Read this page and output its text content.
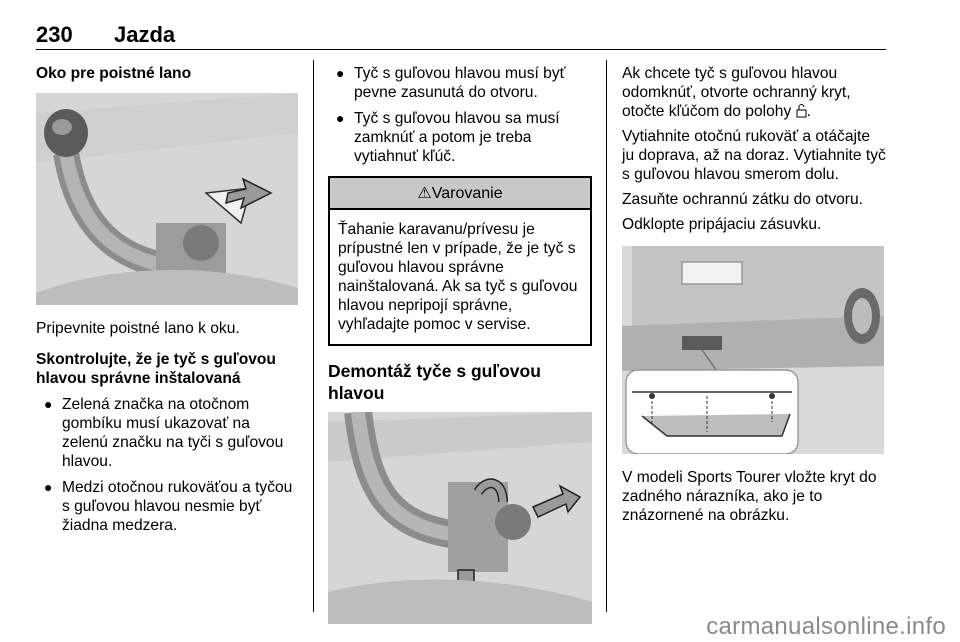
230 Jazda
Oko pre poistné lano
Pripevnite poistné lano k oku.
Skontrolujte, že je tyč s guľovou hlavou správne inštalovaná
● Zelená značka na otočnom gombíku musí ukazovať na zelenú značku na tyči s guľovou hlavou.
● Medzi otočnou rukoväťou a tyčou s guľovou hlavou nesmie byť žiadna medzera.
● Tyč s guľovou hlavou musí byť pevne zasunutá do otvoru.
● Tyč s guľovou hlavou sa musí zamknúť a potom je treba vytiahnuť kľúč.
⚠Varovanie
Ťahanie karavanu/prívesu je prípustné len v prípade, že je tyč s guľovou hlavou správne nainštalovaná. Ak sa tyč s guľovou hlavou nepripojí správne, vyhľadajte pomoc v servise.
Demontáž tyče s guľovou hlavou
Ak chcete tyč s guľovou hlavou odomknúť, otvorte ochranný kryt, otočte kľúčom do polohy .
Vytiahnite otočnú rukoväť a otáčajte ju doprava, až na doraz. Vytiahnite tyč s guľovou hlavou smerom dolu.
Zasuňte ochrannú zátku do otvoru.
Odklopte pripájaciu zásuvku.
V modeli Sports Tourer vložte kryt do zadného nárazníka, ako je to znázornené na obrázku.
carmanualsonline.info
